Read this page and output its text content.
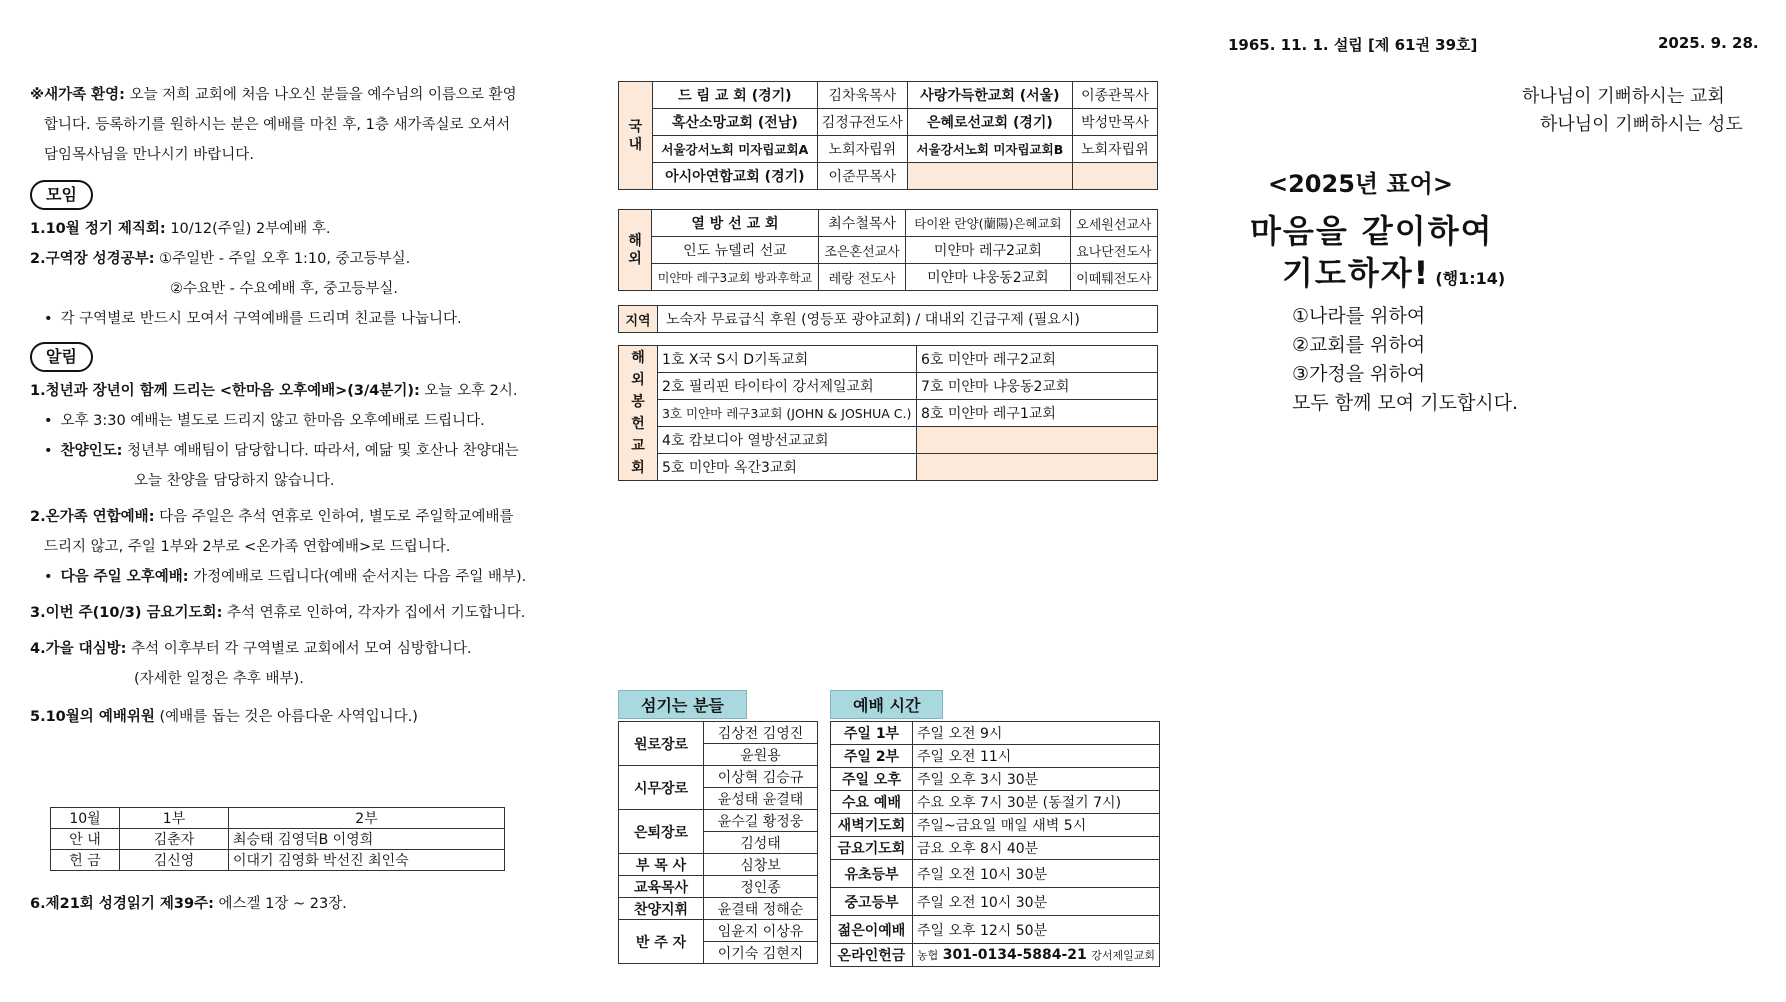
1965. 11. 1. 설립 [제 61권 39호]	2025. 9. 28.

※새가족 환영: 오늘 저희 교회에 처음 나오신 분들을 예수님의 이름으로 환영

합니다. 등록하기를 원하시는 분은 예배를 마친 후, 1층 새가족실로 오셔서

담임목사님을 만나시기 바랍니다.

모임

1.10월 정기 제직회: 10/12(주일) 2부예배 후.

2.구역장 성경공부: ①주일반 - 주일 오후 1:10, 중고등부실.

②수요반 - 수요예배 후, 중고등부실.

• 각 구역별로 반드시 모여서 구역예배를 드리며 친교를 나눕니다.

알림

1.청년과 장년이 함께 드리는 <한마음 오후예배>(3/4분기): 오늘 오후 2시.

• 오후 3:30 예배는 별도로 드리지 않고 한마음 오후예배로 드립니다.

• 찬양인도: 청년부 예배팀이 담당합니다. 따라서, 예닮 및 호산나 찬양대는

오늘 찬양을 담당하지 않습니다.

2.온가족 연합예배: 다음 주일은 추석 연휴로 인하여, 별도로 주일학교예배를

드리지 않고, 주일 1부와 2부로 <온가족 연합예배>로 드립니다.

• 다음 주일 오후예배: 가정예배로 드립니다(예배 순서지는 다음 주일 배부).

3.이번 주(10/3) 금요기도회: 추석 연휴로 인하여, 각자가 집에서 기도합니다.

4.가을 대심방: 추석 이후부터 각 구역별로 교회에서 모여 심방합니다.

(자세한 일정은 추후 배부).

5.10월의 예배위원 (예배를 돕는 것은 아름다운 사역입니다.)

10월	1부	2부
안 내	김춘자	최승태 김영덕B 이영희
헌 금	김신영	이대기 김영화 박선진 최인숙

6.제21회 성경읽기 제39주: 에스겔 1장 ~ 23장.

국내	드 림 교 회 (경기)	김차욱목사	사랑가득한교회 (서울)	이종관목사
	혹산소망교회 (전남)	김정규전도사	은혜로선교회 (경기)	박성만목사
	서울강서노회 미자립교회A	노회자립위	서울강서노회 미자립교회B	노회자립위
	아시아연합교회 (경기)	이준무목사		
해외	열 방 선 교 회	최수철목사	타이완 란양(蘭陽)은혜교회	오세원선교사
	인도 뉴델리 선교	조은혼선교사	미얀마 레구2교회	요나단전도사
	미얀마 레구3교회 방과후학교	레랑 전도사	미얀마 냐웅동2교회	이떼퉤전도사
지역	노숙자 무료급식 후원 (영등포 광야교회) / 대내외 긴급구제 (필요시)
해외봉헌교회	1호 X국 S시 D기독교회	6호 미얀마 레구2교회
	2호 필리핀 타이타이 강서제일교회	7호 미얀마 냐웅동2교회
	3호 미얀마 레구3교회 (JOHN & JOSHUA C.)	8호 미얀마 레구1교회
	4호 캄보디아 열방선교교회	
	5호 미얀마 옥간3교회	
섬기는 분들
원로장로	김상전 김영진
	윤원용
시무장로	이상혁 김승규
	윤성태 윤결태
은퇴장로	윤수길 황정웅
	김성태
부 목 사	심창보
교육목사	정인종
찬양지휘	윤결태 정해순
반 주 자	임윤지 이상유
	이기숙 김현지
예배 시간
주일 1부	주일 오전 9시
주일 2부	주일 오전 11시
주일 오후	주일 오후 3시 30분
수요 예배	수요 오후 7시 30분 (동절기 7시)
새벽기도회	주일~금요일 매일 새벽 5시
금요기도회	금요 오후 8시 40분
유초등부	주일 오전 10시 30분
중고등부	주일 오전 10시 30분
젊은이예배	주일 오후 12시 50분
온라인헌금	농협 301-0134-5884-21 강서제일교회
하나님이 기뻐하시는 교회
하나님이 기뻐하시는 성도
<2025년 표어>
마음을 같이하여
기도하자! (행1:14)
①나라를 위하여
②교회를 위하여
③가정을 위하여
모두 함께 모여 기도합시다.
